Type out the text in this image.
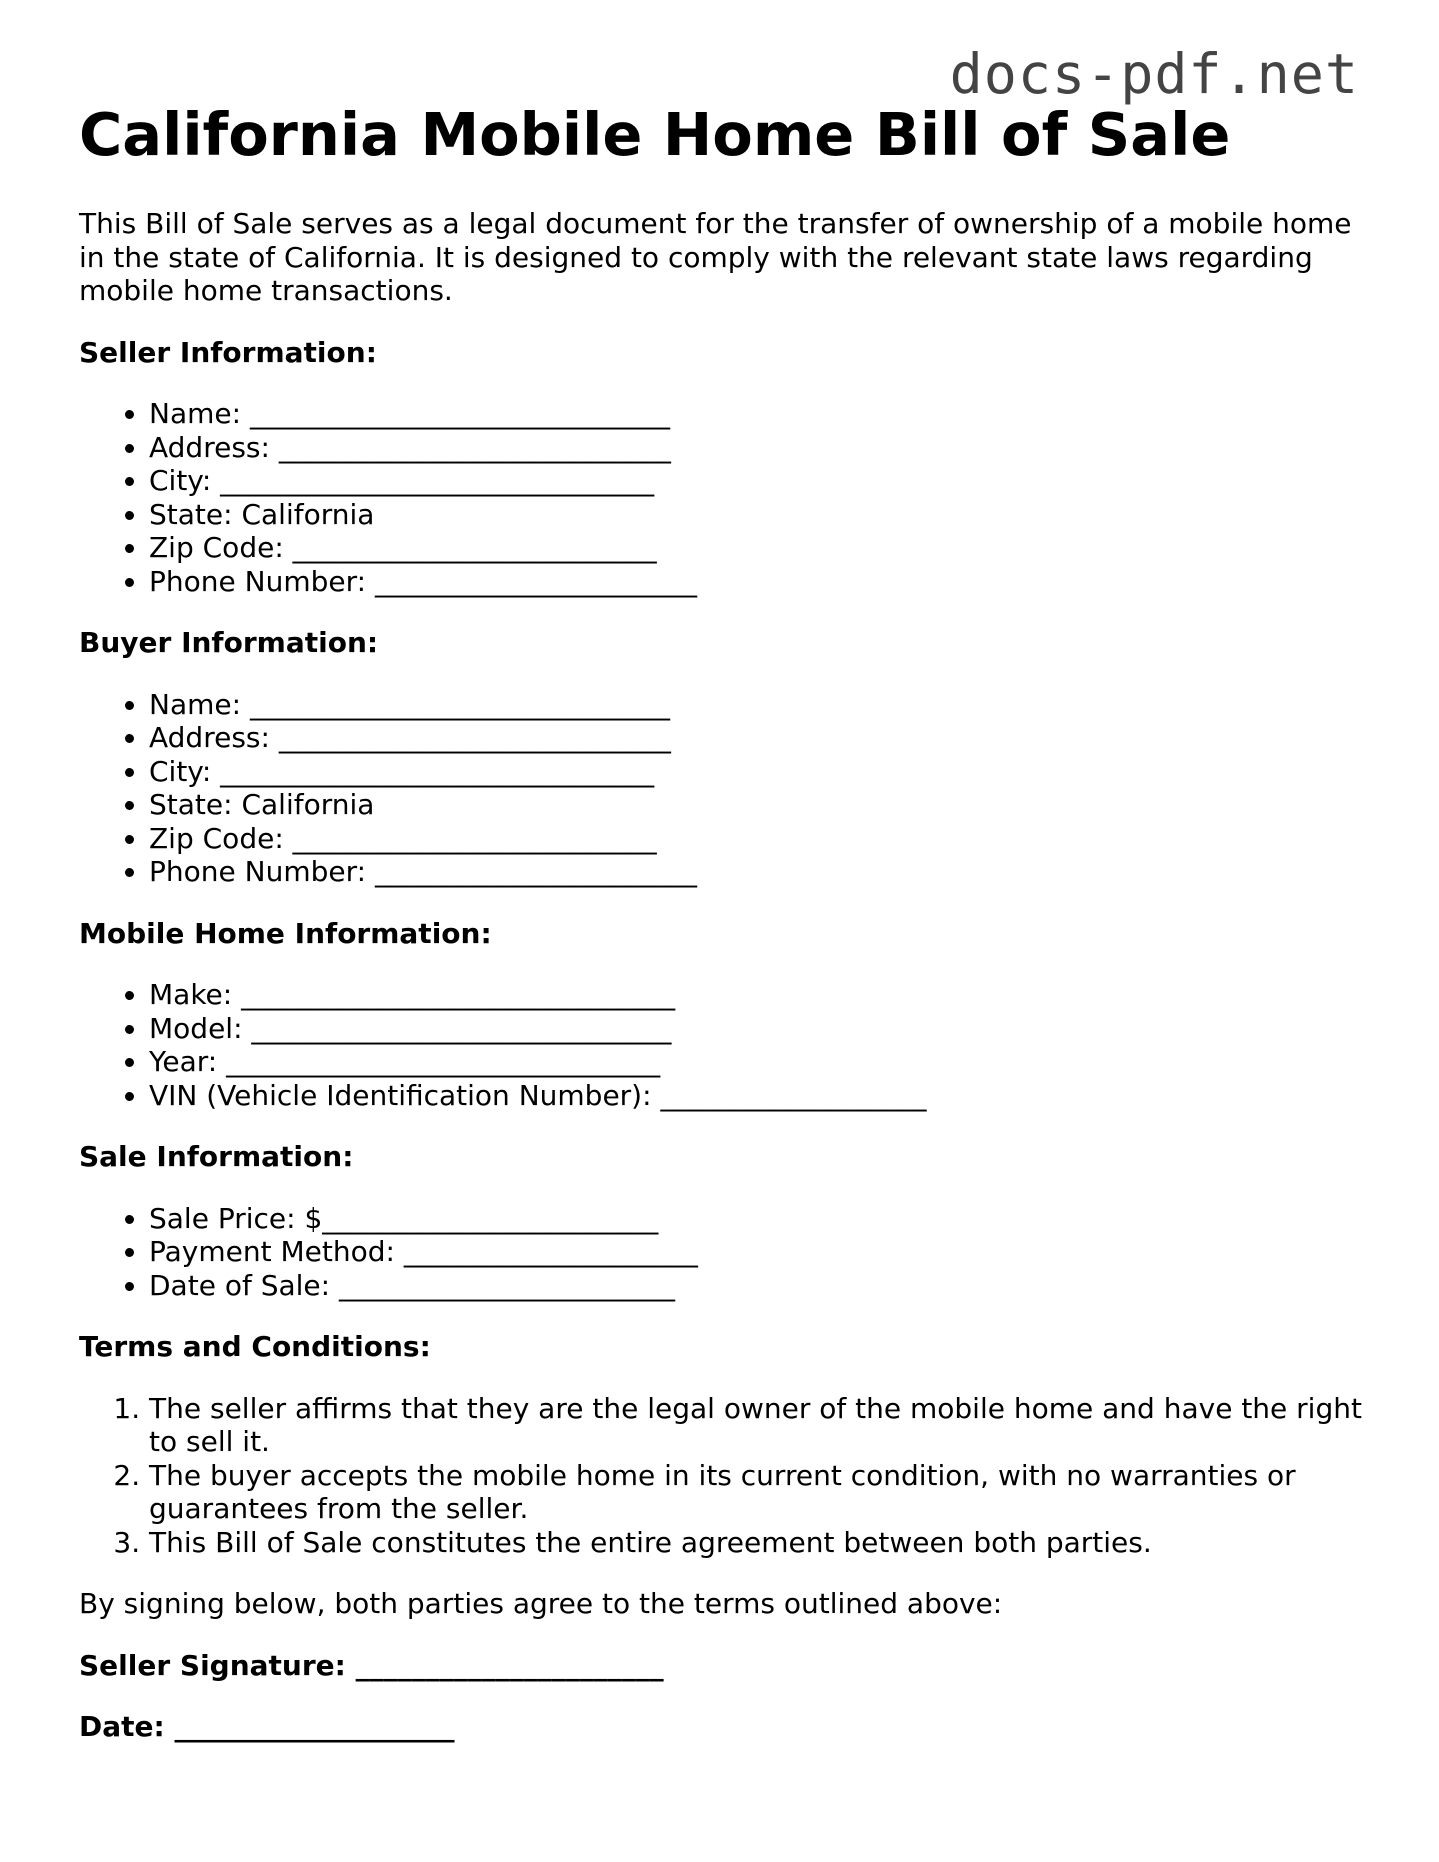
docs-pdf.net
California Mobile Home Bill of Sale

This Bill of Sale serves as a legal document for the transfer of ownership of a mobile home in the state of California. It is designed to comply with the relevant state laws regarding mobile home transactions.

Seller Information:

• Name: ______________________________
• Address: ____________________________
• City: _______________________________
• State: California
• Zip Code: __________________________
• Phone Number: _______________________

Buyer Information:

• Name: ______________________________
• Address: ____________________________
• City: _______________________________
• State: California
• Zip Code: __________________________
• Phone Number: _______________________

Mobile Home Information:

• Make: _______________________________
• Model: ______________________________
• Year: _______________________________
• VIN (Vehicle Identification Number): ___________________

Sale Information:

• Sale Price: $________________________
• Payment Method: _____________________
• Date of Sale: ________________________

Terms and Conditions:

1. The seller affirms that they are the legal owner of the mobile home and have the right to sell it.
2. The buyer accepts the mobile home in its current condition, with no warranties or guarantees from the seller.
3. This Bill of Sale constitutes the entire agreement between both parties.

By signing below, both parties agree to the terms outlined above:

Seller Signature: ______________________

Date: ____________________
